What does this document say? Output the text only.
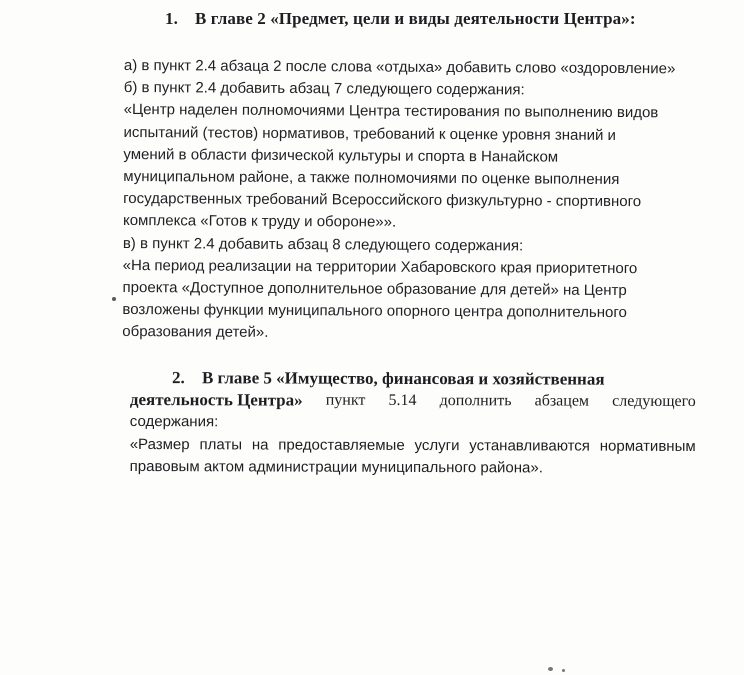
1. В главе 2 «Предмет, цели и виды деятельности Центра»:
а) в пункт 2.4 абзаца 2 после слова «отдыха» добавить слово «оздоровление»
б) в пункт 2.4 добавить абзац 7 следующего содержания:
«Центр наделен полномочиями Центра тестирования по выполнению видов
испытаний (тестов) нормативов, требований к оценке уровня знаний и
умений в области физической культуры и спорта в Нанайском
муниципальном районе, а также полномочиями по оценке выполнения
государственных требований Всероссийского физкультурно - спортивного
комплекса «Готов к труду и обороне»».
в) в пункт 2.4 добавить абзац 8 следующего содержания:
«На период реализации на территории Хабаровского края приоритетного
проекта «Доступное дополнительное образование для детей» на Центр
возложены функции муниципального опорного центра дополнительного
образования детей».
2. В главе 5 «Имущество, финансовая и хозяйственная
деятельность Центра» пункт 5.14 дополнить абзацем следующего
содержания:
«Размер платы на предоставляемые услуги устанавливаются нормативным
правовым актом администрации муниципального района».
